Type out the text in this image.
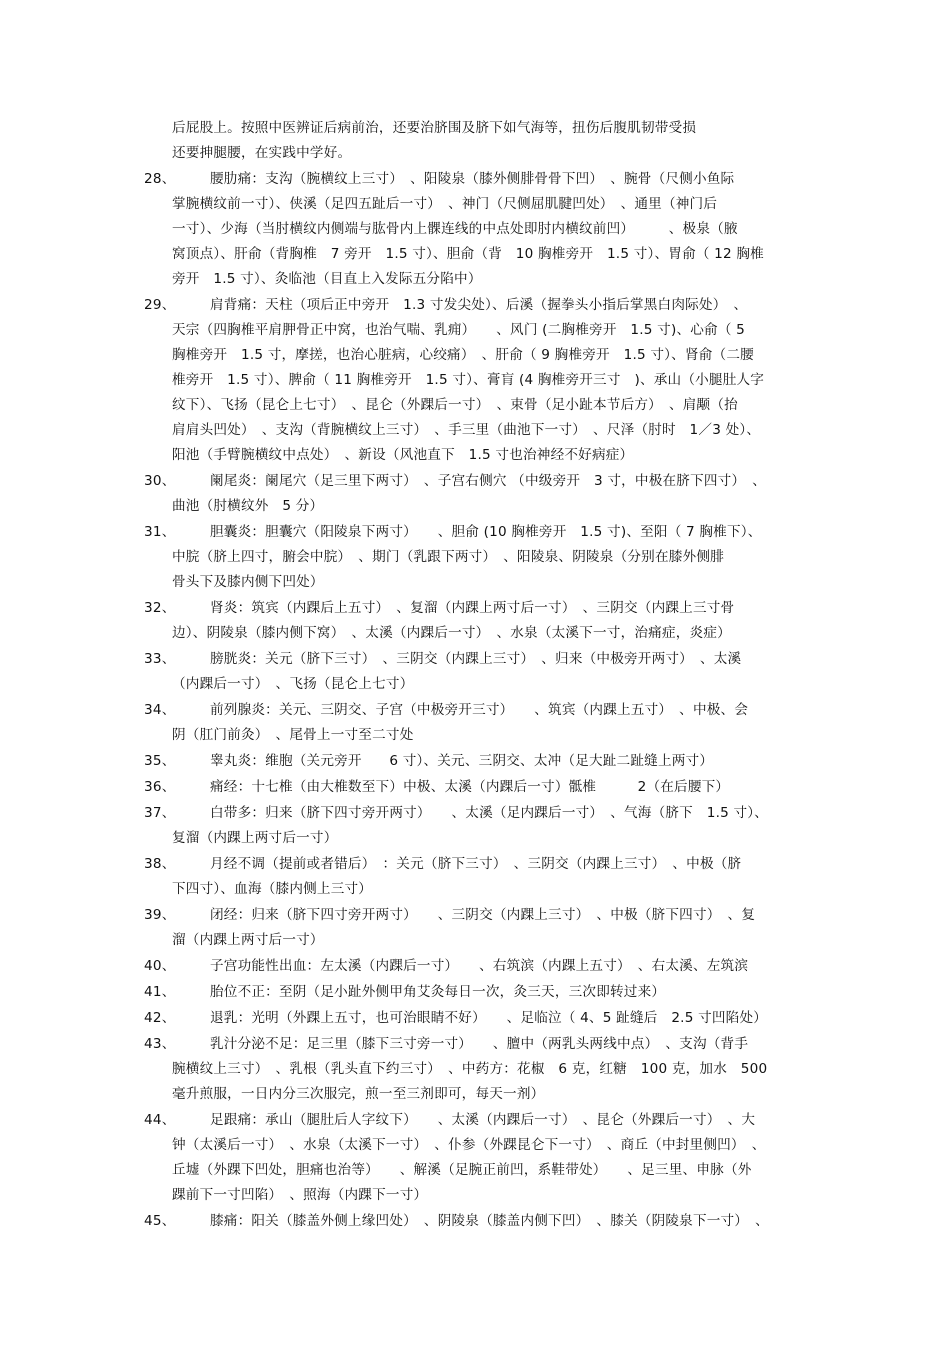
后屁股上。按照中医辨证后病前治，还要治脐围及脐下如气海等，扭伤后腹肌韧带受损
还要抻腿腰，在实践中学好。
28、	腰肋痛：支沟（腕横纹上三寸）　、阳陵泉（膝外侧腓骨骨下凹）　、腕骨（尺侧小鱼际
掌腕横纹前一寸）、侠溪（足四五趾后一寸）　、神门（尺侧屈肌腱凹处）　、通里（神门后
一寸）、少海（当肘横纹内侧端与肱骨内上髁连线的中点处即肘内横纹前凹）　　　、极泉（腋
窝顶点）、肝俞（背胸椎　7 旁开　1.5 寸）、胆俞（背　10 胸椎旁开　1.5 寸）、胃俞（ 12 胸椎
旁开　1.5 寸）、灸临池（目直上入发际五分陷中）
29、	肩背痛：天柱（项后正中旁开　1.3 寸发尖处）、后溪（握拳头小指后掌黑白肉际处）　、
天宗（四胸椎平肩胛骨正中窝，也治气喘、乳痈）　　、风门 (二胸椎旁开　1.5 寸)、心俞（ 5
胸椎旁开　1.5 寸，摩搓，也治心脏病，心绞痛）　、肝俞（ 9 胸椎旁开　1.5 寸）、肾俞（二腰
椎旁开　1.5 寸）、脾俞（ 11 胸椎旁开　1.5 寸）、膏肓 (4 胸椎旁开三寸　)、承山（小腿肚人字
纹下）、飞扬（昆仑上七寸）　、昆仑（外踝后一寸）　、束骨（足小趾本节后方）　、肩颙（抬
肩肩头凹处）　、支沟（背腕横纹上三寸）　、手三里（曲池下一寸）　、尺泽（肘时　1／3 处）、
阳池（手臂腕横纹中点处）　、新设（风池直下　1.5 寸也治神经不好病症）
30、	阑尾炎：阑尾穴（足三里下两寸）　、子宫右侧穴 （中级旁开　3 寸，中极在脐下四寸）　、
曲池（肘横纹外　5 分）
31、	胆囊炎：胆囊穴（阳陵泉下两寸）　　、胆俞 (10 胸椎旁开　1.5 寸)、至阳（ 7 胸椎下）、
中脘（脐上四寸，腑会中脘）　、期门（乳跟下两寸）　、阳陵泉、阴陵泉（分别在膝外侧腓
骨头下及膝内侧下凹处）
32、	肾炎：筑宾（内踝后上五寸）　、复溜（内踝上两寸后一寸）　、三阴交（内踝上三寸骨
边）、阴陵泉（膝内侧下窝）　、太溪（内踝后一寸）　、水泉（太溪下一寸，治痛症，炎症）
33、	膀胱炎：关元（脐下三寸）　、三阴交（内踝上三寸）　、归来（中极旁开两寸）　、太溪
（内踝后一寸）　、飞扬（昆仑上七寸）
34、	前列腺炎：关元、三阴交、子宫（中极旁开三寸）　　、筑宾（内踝上五寸）　、中极、会
阴（肛门前灸）　、尾骨上一寸至二寸处
35、	睾丸炎：维胞（关元旁开　　6 寸）、关元、三阴交、太冲（足大趾二趾缝上两寸）
36、	痛经：十七椎（由大椎数至下）中极、太溪（内踝后一寸）骶椎　　　2（在后腰下）
37、	白带多：归来（脐下四寸旁开两寸）　　、太溪（足内踝后一寸）　、气海（脐下　1.5 寸）、
复溜（内踝上两寸后一寸）
38、	月经不调（提前或者错后）　：关元（脐下三寸）　、三阴交（内踝上三寸）　、中极（脐
下四寸）、血海（膝内侧上三寸）
39、	闭经：归来（脐下四寸旁开两寸）　　、三阴交（内踝上三寸）　、中极（脐下四寸）　、复
溜（内踝上两寸后一寸）
40、	子宫功能性出血：左太溪（内踝后一寸）　　、右筑滨（内踝上五寸）　、右太溪、左筑滨
41、	胎位不正：至阴（足小趾外侧甲角艾灸每日一次，灸三天，三次即转过来）
42、	退乳：光明（外踝上五寸，也可治眼睛不好）　　、足临泣（ 4、5 趾缝后　2.5 寸凹陷处）
43、	乳汁分泌不足：足三里（膝下三寸旁一寸）　　、膻中（两乳头两线中点）　、支沟（背手
腕横纹上三寸）　、乳根（乳头直下约三寸）　、中药方：花椒　6 克，红糖　100 克，加水　500
毫升煎服，一日内分三次服完，煎一至三剂即可，每天一剂）
44、	足跟痛：承山（腿肚后人字纹下）　　、太溪（内踝后一寸）　、昆仑（外踝后一寸）　、大
钟（太溪后一寸）　、水泉（太溪下一寸）　、仆参（外踝昆仑下一寸）　、商丘（中封里侧凹）　、
丘墟（外踝下凹处，胆痛也治等）　　、解溪（足腕正前凹，系鞋带处）　　、足三里、申脉（外
踝前下一寸凹陷）　、照海（内踝下一寸）
45、	膝痛：阳关（膝盖外侧上缘凹处）　、阴陵泉（膝盖内侧下凹）　、膝关（阴陵泉下一寸）　、
